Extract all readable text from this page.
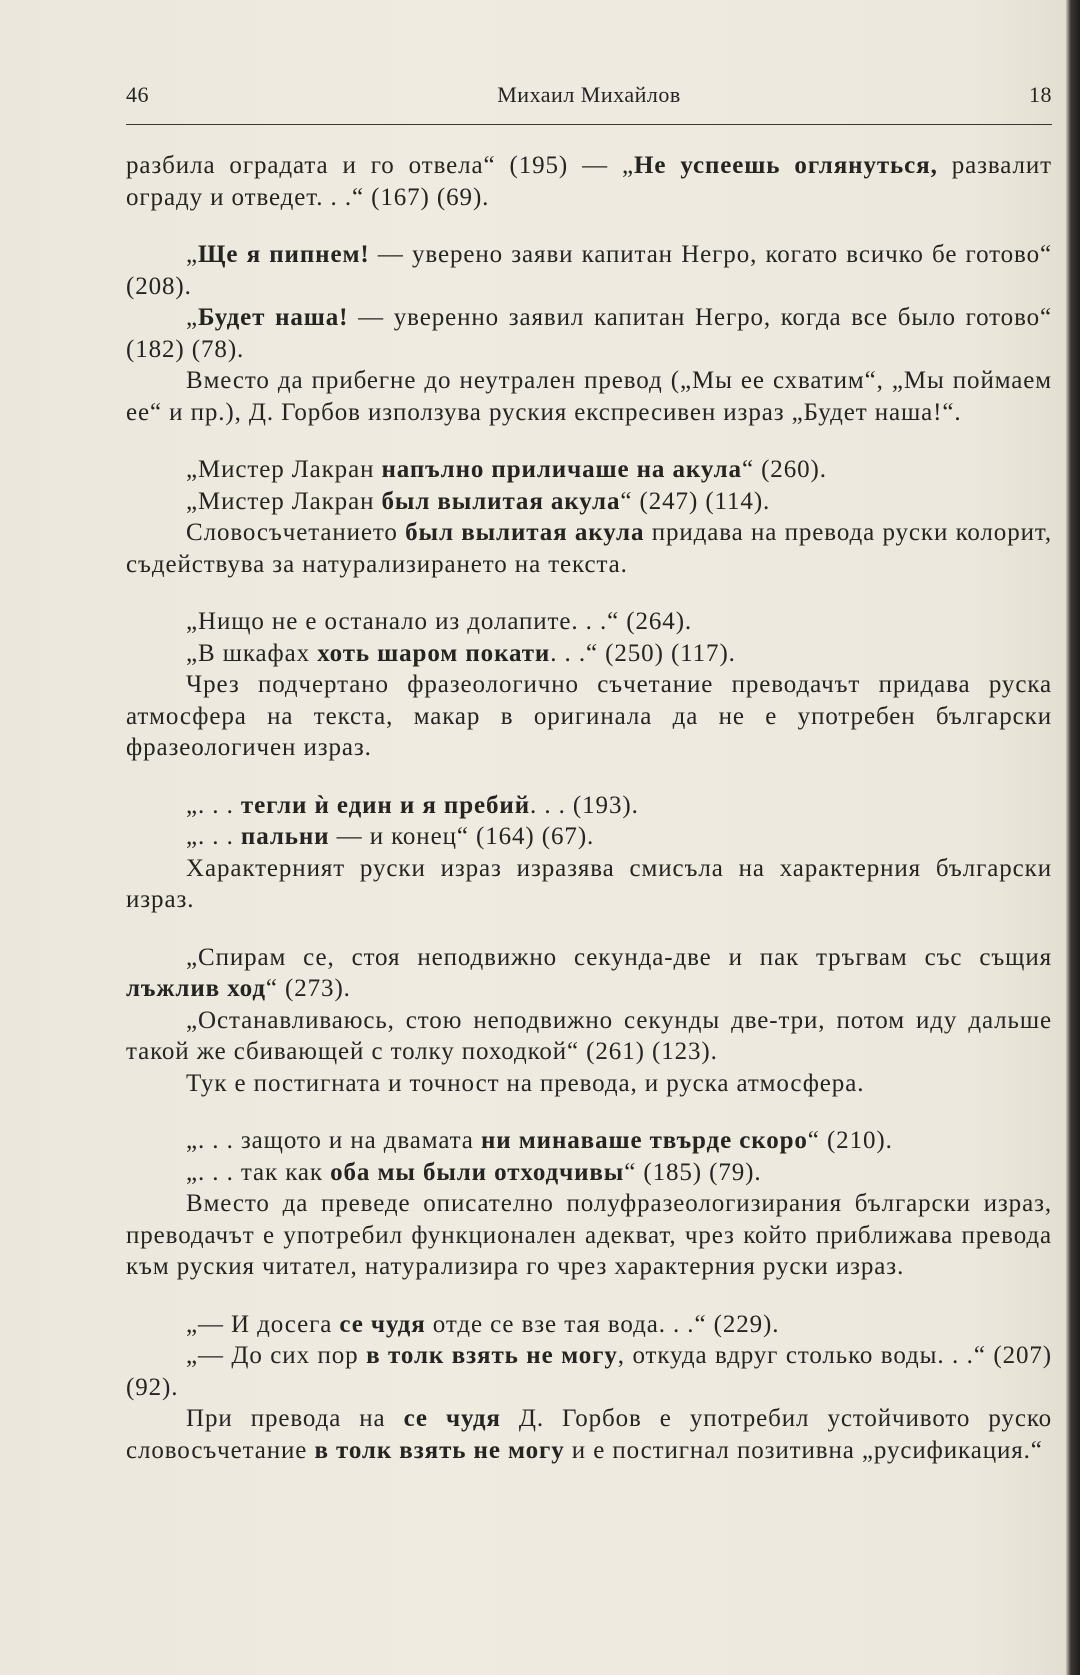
46	Михаил Михайлов	18

разбила оградата и го отвела“ (195) — „Не успеешь оглянуться, развалит ограду и отведет. . .“ (167) (69).

„Ще я пипнем! — уверено заяви капитан Негро, когато всичко бе готово“ (208).

„Будет наша! — уверенно заявил капитан Негро, когда все было готово“ (182) (78).

Вместо да прибегне до неутрален превод („Мы ее схватим“, „Мы поймаем ее“ и пр.), Д. Горбов използува руския експресивен израз „Будет наша!“.

„Мистер Лакран напълно приличаше на акула“ (260).

„Мистер Лакран был вылитая акула“ (247) (114).

Словосъчетанието был вылитая акула придава на превода руски колорит, съдействува за натурализирането на текста.

„Нищо не е останало из долапите. . .“ (264).

„В шкафах хоть шаром покати. . .“ (250) (117).

Чрез подчертано фразеологично съчетание преводачът придава руска атмосфера на текста, макар в оригинала да не е употребен български фразеологичен израз.

„. . . тегли ѝ един и я пребий. . . (193).

„. . . пальни — и конец“ (164) (67).

Характерният руски израз изразява смисъла на характерния български израз.

„Спирам се, стоя неподвижно секунда-две и пак тръгвам със същия лъжлив ход“ (273).

„Останавливаюсь, стою неподвижно секунды две-три, потом иду дальше такой же сбивающей с толку походкой“ (261) (123).

Тук е постигната и точност на превода, и руска атмосфера.

„. . . защото и на двамата ни минаваше твърде скоро“ (210).

„. . . так как оба мы были отходчивы“ (185) (79).

Вместо да преведе описателно полуфразеологизирания български израз, преводачът е употребил функционален адекват, чрез който приближава превода към руския читател, натурализира го чрез характерния руски израз.

„— И досега се чудя отде се взе тая вода. . .“ (229).

„— До сих пор в толк взять не могу, откуда вдруг столько воды. . .“ (207) (92).

При превода на се чудя Д. Горбов е употребил устойчивото руско словосъчетание в толк взять не могу и е постигнал позитивна „русификация.“
